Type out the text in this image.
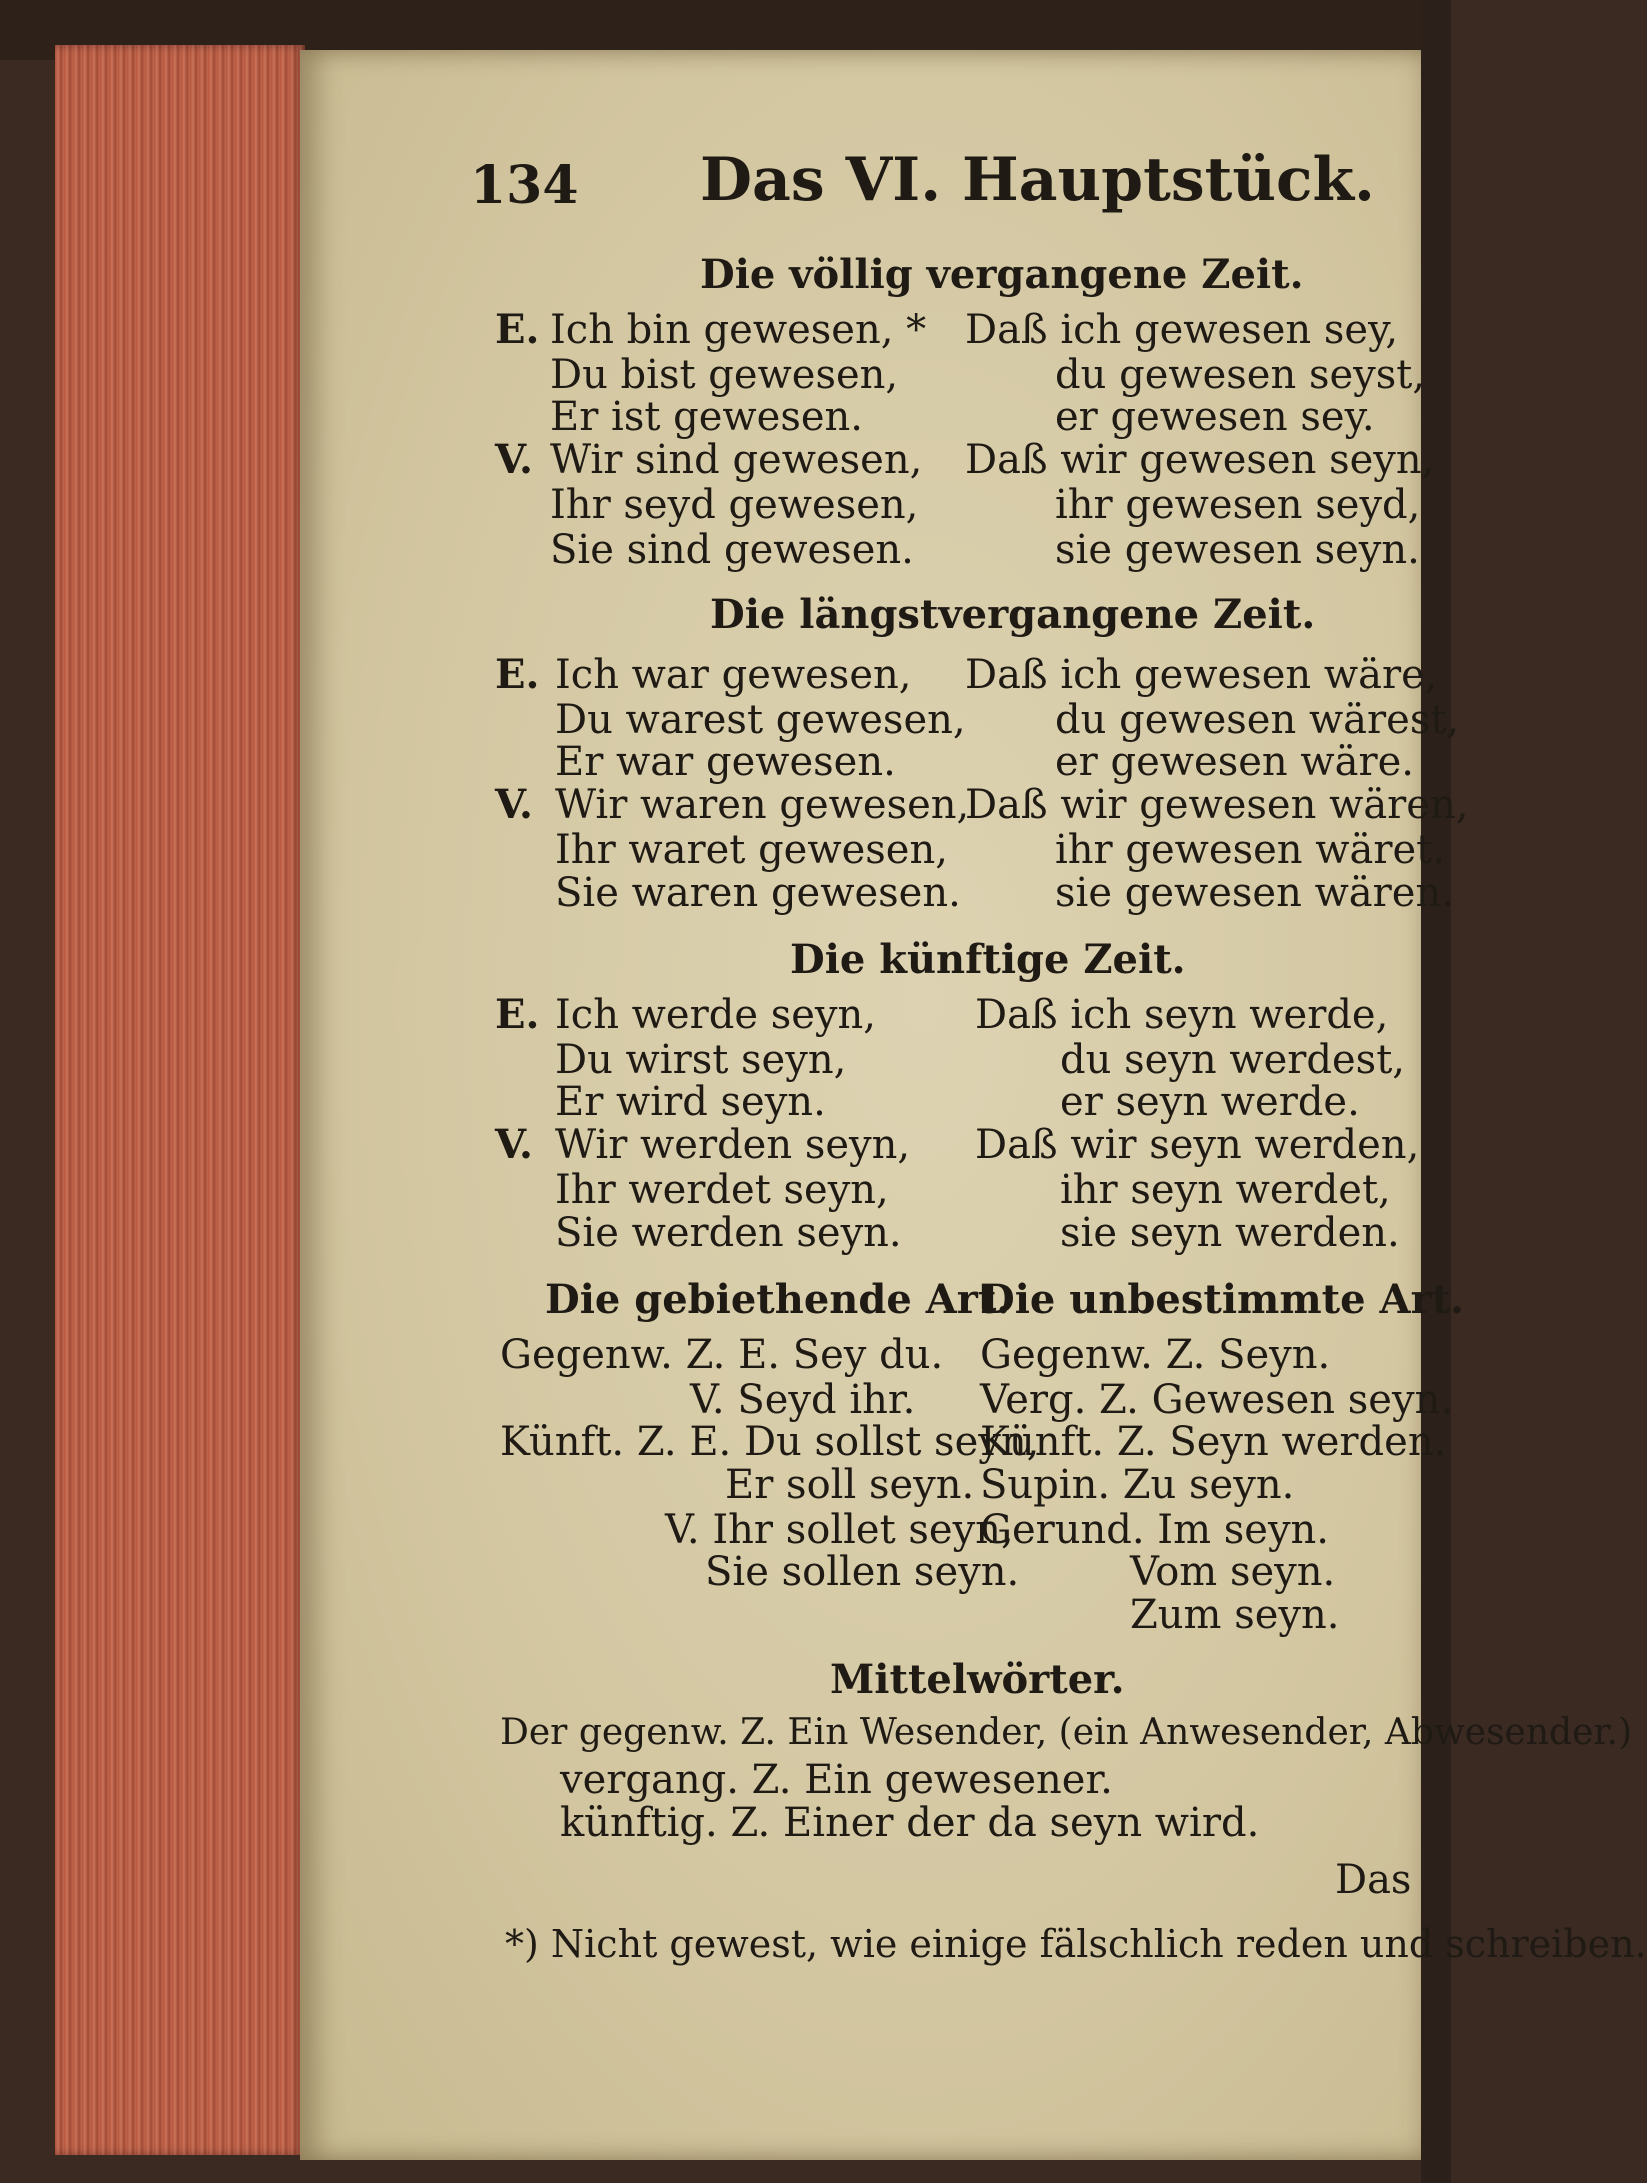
134 Das VI. Hauptstück.
Die völlig vergangene Zeit.
E.
V.
Ich bin gewesen, *
Du bist gewesen,
Er ist gewesen.
Wir sind gewesen,
Ihr seyd gewesen,
Sie sind gewesen.
Daß ich gewesen sey,
du gewesen seyst,
er gewesen sey.
Daß wir gewesen seyn,
ihr gewesen seyd,
sie gewesen seyn.
Die längstvergangene Zeit.
E.
V.
Ich war gewesen,
Du warest gewesen,
Er war gewesen.
Wir waren gewesen,
Ihr waret gewesen,
Sie waren gewesen.
Daß ich gewesen wäre,
du gewesen wärest,
er gewesen wäre.
Daß wir gewesen wären,
ihr gewesen wäret.
sie gewesen wären.
Die künftige Zeit.
E.
V.
Ich werde seyn,
Du wirst seyn,
Er wird seyn.
Wir werden seyn,
Ihr werdet seyn,
Sie werden seyn.
Daß ich seyn werde,
du seyn werdest,
er seyn werde.
Daß wir seyn werden,
ihr seyn werdet,
sie seyn werden.
Die gebiethende Art.
Die unbestimmte Art.
Gegenw. Z. E. Sey du.
V. Seyd ihr.
Künft. Z. E. Du sollst seyn,
Er soll seyn.
V. Ihr sollet seyn,
Sie sollen seyn.
Gegenw. Z. Seyn.
Verg. Z. Gewesen seyn.
Künft. Z. Seyn werden.
Supin. Zu seyn.
Gerund. Im seyn.
Vom seyn.
Zum seyn.
Mittelwörter.
Der gegenw. Z. Ein Wesender, (ein Anwesender, Abwesender.)
vergang. Z. Ein gewesener.
künftig. Z. Einer der da seyn wird.
Das
*) Nicht gewest, wie einige fälschlich reden und schreiben.
